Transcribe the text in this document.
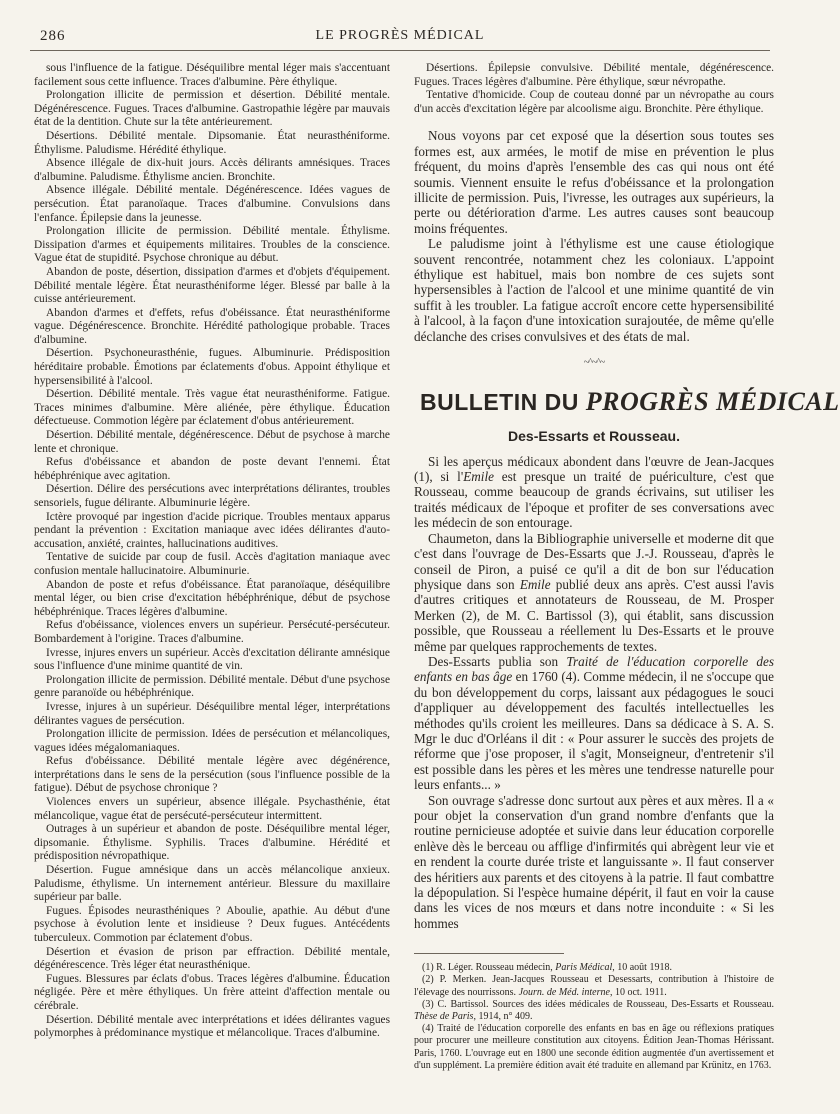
286	LE PROGRÈS MÉDICAL

sous l'influence de la fatigue. Déséquilibre mental léger mais s'accentuant facilement sous cette influence. Traces d'albumine. Père éthylique.

Prolongation illicite de permission et désertion. Débilité mentale. Dégénérescence. Fugues. Traces d'albumine. Gastropathie légère par mauvais état de la dentition. Chute sur la tête antérieurement.

Désertions. Débilité mentale. Dipsomanie. État neurasthéniforme. Éthylisme. Paludisme. Hérédité éthylique.

Absence illégale de dix-huit jours. Accès délirants amnésiques. Traces d'albumine. Paludisme. Éthylisme ancien. Bronchite.

Absence illégale. Débilité mentale. Dégénérescence. Idées vagues de persécution. État paranoïaque. Traces d'albumine. Convulsions dans l'enfance. Épilepsie dans la jeunesse.

Prolongation illicite de permission. Débilité mentale. Éthylisme. Dissipation d'armes et équipements militaires. Troubles de la conscience. Vague état de stupidité. Psychose chronique au début.

Abandon de poste, désertion, dissipation d'armes et d'objets d'équipement. Débilité mentale légère. État neurasthéniforme léger. Blessé par balle à la cuisse antérieurement.

Abandon d'armes et d'effets, refus d'obéissance. État neurasthéniforme vague. Dégénérescence. Bronchite. Hérédité pathologique probable. Traces d'albumine.

Désertion. Psychoneurasthénie, fugues. Albuminurie. Prédisposition héréditaire probable. Émotions par éclatements d'obus. Appoint éthylique et hypersensibilité à l'alcool.

Désertion. Débilité mentale. Très vague état neurasthéniforme. Fatigue. Traces minimes d'albumine. Mère aliénée, père éthylique. Éducation défectueuse. Commotion légère par éclatement d'obus antérieurement.

Désertion. Débilité mentale, dégénérescence. Début de psychose à marche lente et chronique.

Refus d'obéissance et abandon de poste devant l'ennemi. État hébéphrénique avec agitation.

Désertion. Délire des persécutions avec interprétations délirantes, troubles sensoriels, fugue délirante. Albuminurie légère.

Ictère provoqué par ingestion d'acide picrique. Troubles mentaux apparus pendant la prévention : Excitation maniaque avec idées délirantes d'auto-accusation, anxiété, craintes, hallucinations auditives.

Tentative de suicide par coup de fusil. Accès d'agitation maniaque avec confusion mentale hallucinatoire. Albuminurie.

Abandon de poste et refus d'obéissance. État paranoïaque, déséquilibre mental léger, ou bien crise d'excitation hébéphrénique, début de psychose hébéphrénique. Traces légères d'albumine.

Refus d'obéissance, violences envers un supérieur. Persécuté-persécuteur. Bombardement à l'origine. Traces d'albumine.

Ivresse, injures envers un supérieur. Accès d'excitation délirante amnésique sous l'influence d'une minime quantité de vin.

Prolongation illicite de permission. Débilité mentale. Début d'une psychose genre paranoïde ou hébéphrénique.

Ivresse, injures à un supérieur. Déséquilibre mental léger, interprétations délirantes vagues de persécution.

Prolongation illicite de permission. Idées de persécution et mélancoliques, vagues idées mégalomaniaques.

Refus d'obéissance. Débilité mentale légère avec dégénérence, interprétations dans le sens de la persécution (sous l'influence possible de la fatigue). Début de psychose chronique ?

Violences envers un supérieur, absence illégale. Psychasthénie, état mélancolique, vague état de persécuté-persécuteur intermittent.

Outrages à un supérieur et abandon de poste. Déséquilibre mental léger, dipsomanie. Éthylisme. Syphilis. Traces d'albumine. Hérédité et prédisposition névropathique.

Désertion. Fugue amnésique dans un accès mélancolique anxieux. Paludisme, éthylisme. Un internement antérieur. Blessure du maxillaire supérieur par balle.

Fugues. Épisodes neurasthéniques ? Aboulie, apathie. Au début d'une psychose à évolution lente et insidieuse ? Deux fugues. Antécédents tuberculeux. Commotion par éclatement d'obus.

Désertion et évasion de prison par effraction. Débilité mentale, dégénérescence. Très léger état neurasthénique.

Fugues. Blessures par éclats d'obus. Traces légères d'albumine. Éducation négligée. Père et mère éthyliques. Un frère atteint d'affection mentale ou cérébrale.

Désertion. Débilité mentale avec interprétations et idées délirantes vagues polymorphes à prédominance mystique et mélancolique. Traces d'albumine.

Désertions. Épilepsie convulsive. Débilité mentale, dégénérescence. Fugues. Traces légères d'albumine. Père éthylique, sœur névropathe.

Tentative d'homicide. Coup de couteau donné par un névropathe au cours d'un accès d'excitation légère par alcoolisme aigu. Bronchite. Père éthylique.

Nous voyons par cet exposé que la désertion sous toutes ses formes est, aux armées, le motif de mise en prévention le plus fréquent, du moins d'après l'ensemble des cas qui nous ont été soumis. Viennent ensuite le refus d'obéissance et la prolongation illicite de permission. Puis, l'ivresse, les outrages aux supérieurs, la perte ou détérioration d'arme. Les autres causes sont beaucoup moins fréquentes.

Le paludisme joint à l'éthylisme est une cause étiologique souvent rencontrée, notamment chez les coloniaux. L'appoint éthylique est habituel, mais bon nombre de ces sujets sont hypersensibles à l'action de l'alcool et une minime quantité de vin suffit à les troubler. La fatigue accroît encore cette hypersensibilité à l'alcool, à la façon d'une intoxication surajoutée, de même qu'elle déclanche des crises convulsives et des états de mal.

~^~^~
BULLETIN DU PROGRÈS MÉDICAL
Des-Essarts et Rousseau.

Si les aperçus médicaux abondent dans l'œuvre de Jean-Jacques (1), si l'Emile est presque un traité de puériculture, c'est que Rousseau, comme beaucoup de grands écrivains, sut utiliser les traités médicaux de l'époque et profiter de ses conversations avec les médecin de son entourage.

Chaumeton, dans la Bibliographie universelle et moderne dit que c'est dans l'ouvrage de Des-Essarts que J.-J. Rousseau, d'après le conseil de Piron, a puisé ce qu'il a dit de bon sur l'éducation physique dans son Emile publié deux ans après. C'est aussi l'avis d'autres critiques et annotateurs de Rousseau, de M. Prosper Merken (2), de M. C. Bartissol (3), qui établit, sans discussion possible, que Rousseau a réellement lu Des-Essarts et le prouve même par quelques rapprochements de textes.

Des-Essarts publia son Traité de l'éducation corporelle des enfants en bas âge en 1760 (4). Comme médecin, il ne s'occupe que du bon développement du corps, laissant aux pédagogues le souci d'appliquer au développement des facultés intellectuelles les méthodes qu'ils croient les meilleures. Dans sa dédicace à S. A. S. Mgr le duc d'Orléans il dit : « Pour assurer le succès des projets de réforme que j'ose proposer, il s'agit, Monseigneur, d'entretenir s'il est possible dans les pères et les mères une tendresse naturelle pour leurs enfants... »

Son ouvrage s'adresse donc surtout aux pères et aux mères. Il a « pour objet la conservation d'un grand nombre d'enfants que la routine pernicieuse adoptée et suivie dans leur éducation corporelle enlève dès le berceau ou afflige d'infirmités qui abrègent leur vie et en rendent la courte durée triste et languissante ». Il faut conserver des héritiers aux parents et des citoyens à la patrie. Il faut combattre la dépopulation. Si l'espèce humaine dépérit, il faut en voir la cause dans les vices de nos mœurs et dans notre inconduite : « Si les hommes

(1) R. Léger. Rousseau médecin, Paris Médical, 10 août 1918.

(2) P. Merken. Jean-Jacques Rousseau et Desessarts, contribution à l'histoire de l'élevage des nourrissons. Journ. de Méd. interne, 10 oct. 1911.

(3) C. Bartissol. Sources des idées médicales de Rousseau, Des-Essarts et Rousseau. Thèse de Paris, 1914, n° 409.

(4) Traité de l'éducation corporelle des enfants en bas en âge ou réflexions pratiques pour procurer une meilleure constitution aux citoyens. Édition Jean-Thomas Hérissant. Paris, 1760. L'ouvrage eut en 1800 une seconde édition augmentée d'un avertissement et d'un supplément. La première édition avait été traduite en allemand par Krünitz, en 1763.
